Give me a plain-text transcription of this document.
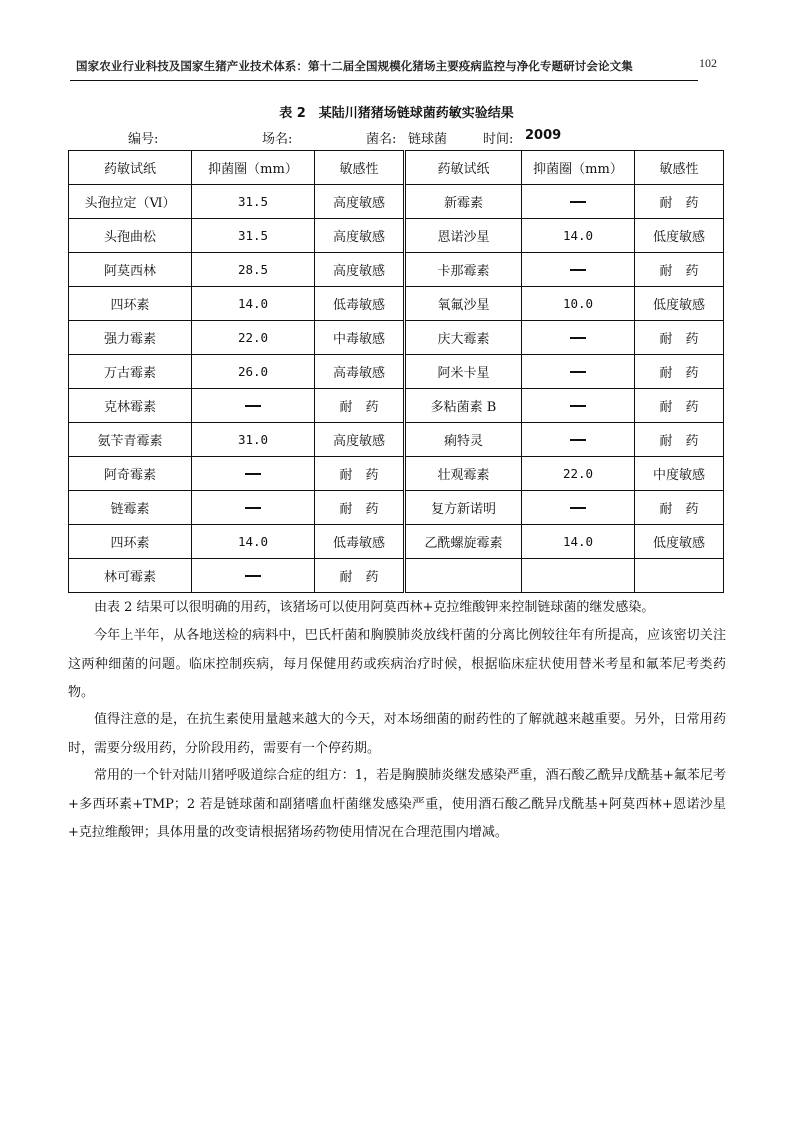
国家农业行业科技及国家生猪产业技术体系：第十二届全国规模化猪场主要疫病监控与净化专题研讨会论文集	102
表 2　某陆川猪猪场链球菌药敏实验结果
编号:	场名:	菌名: 链球菌	时间: 2009
药敏试纸	抑菌圈（mm）	敏感性	药敏试纸	抑菌圈（mm）	敏感性
头孢拉定（Ⅵ）	31.5	高度敏感	新霉素		耐　药
头孢曲松	31.5	高度敏感	恩诺沙星	14.0	低度敏感
阿莫西林	28.5	高度敏感	卡那霉素		耐　药
四环素	14.0	低毒敏感	氧氟沙星	10.0	低度敏感
强力霉素	22.0	中毒敏感	庆大霉素		耐　药
万古霉素	26.0	高毒敏感	阿米卡星		耐　药
克林霉素		耐　药	多粘菌素 B		耐　药
氨苄青霉素	31.0	高度敏感	痢特灵		耐　药
阿奇霉素		耐　药	壮观霉素	22.0	中度敏感
链霉素		耐　药	复方新诺明		耐　药
四环素	14.0	低毒敏感	乙酰螺旋霉素	14.0	低度敏感
林可霉素		耐　药			
由表 2 结果可以很明确的用药，该猪场可以使用阿莫西林+克拉维酸钾来控制链球菌的继发感染。
今年上半年，从各地送检的病料中，巴氏杆菌和胸膜肺炎放线杆菌的分离比例较往年有所提高，应该密切关注这两种细菌的问题。临床控制疾病，每月保健用药或疾病治疗时候，根据临床症状使用替米考星和氟苯尼考类药物。
值得注意的是，在抗生素使用量越来越大的今天，对本场细菌的耐药性的了解就越来越重要。另外，日常用药时，需要分级用药，分阶段用药，需要有一个停药期。
常用的一个针对陆川猪呼吸道综合症的组方：1，若是胸膜肺炎继发感染严重，酒石酸乙酰异戊酰基+氟苯尼考+多西环素+TMP；2 若是链球菌和副猪嗜血杆菌继发感染严重，使用酒石酸乙酰异戊酰基+阿莫西林+恩诺沙星+克拉维酸钾；具体用量的改变请根据猪场药物使用情况在合理范围内增减。
